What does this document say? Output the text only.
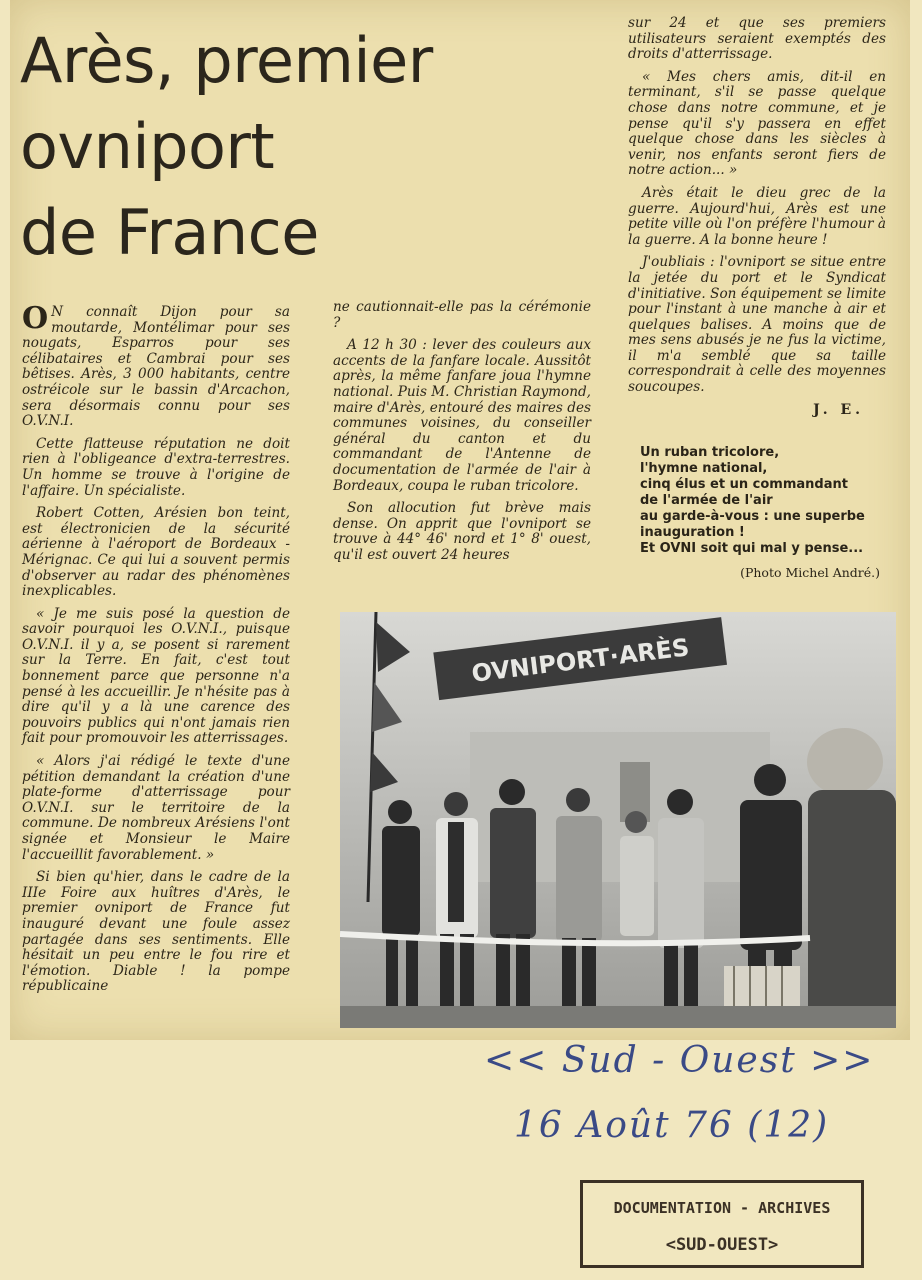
Arès, premier
ovniport
de France

O N connaît Dijon pour sa moutarde, Montélimar pour ses nougats, Esparros pour ses célibataires et Cambrai pour ses bêtises. Arès, 3 000 habitants, centre ostréicole sur le bassin d'Arcachon, sera désormais connu pour ses O.V.N.I.

Cette flatteuse réputation ne doit rien à l'obligeance d'extra-terrestres. Un homme se trouve à l'origine de l'affaire. Un spécialiste.

Robert Cotten, Arésien bon teint, est électronicien de la sécurité aérienne à l'aéroport de Bordeaux - Mérignac. Ce qui lui a souvent permis d'observer au radar des phénomènes inexplicables.

« Je me suis posé la question de savoir pourquoi les O.V.N.I., puisque O.V.N.I. il y a, se posent si rarement sur la Terre. En fait, c'est tout bonnement parce que personne n'a pensé à les accueillir. Je n'hésite pas à dire qu'il y a là une carence des pouvoirs publics qui n'ont jamais rien fait pour promouvoir les atterrissages.

« Alors j'ai rédigé le texte d'une pétition demandant la création d'une plate-forme d'atterrissage pour O.V.N.I. sur le territoire de la commune. De nombreux Arésiens l'ont signée et Monsieur le Maire l'accueillit favorablement. »

Si bien qu'hier, dans le cadre de la IIIe Foire aux huîtres d'Arès, le premier ovniport de France fut inauguré devant une foule assez partagée dans ses sentiments. Elle hésitait un peu entre le fou rire et l'émotion. Diable ! la pompe républicaine

ne cautionnait-elle pas la cérémonie ?

A 12 h 30 : lever des couleurs aux accents de la fanfare locale. Aussitôt après, la même fanfare joua l'hymne national. Puis M. Christian Raymond, maire d'Arès, entouré des maires des communes voisines, du conseiller général du canton et du commandant de l'Antenne de documentation de l'armée de l'air à Bordeaux, coupa le ruban tricolore.

Son allocution fut brève mais dense. On apprit que l'ovniport se trouve à 44° 46' nord et 1° 8' ouest, qu'il est ouvert 24 heures

sur 24 et que ses premiers utilisateurs seraient exemptés des droits d'atterrissage.

« Mes chers amis, dit-il en terminant, s'il se passe quelque chose dans notre commune, et je pense qu'il s'y passera en effet quelque chose dans les siècles à venir, nos enfants seront fiers de notre action... »

Arès était le dieu grec de la guerre. Aujourd'hui, Arès est une petite ville où l'on préfère l'humour à la guerre. A la bonne heure !

J'oubliais : l'ovniport se situe entre la jetée du port et le Syndicat d'initiative. Son équipement se limite pour l'instant à une manche à air et quelques balises. A moins que de mes sens abusés je ne fus la victime, il m'a semblé que sa taille correspondrait à celle des moyennes soucoupes.

J. E.
Un ruban tricolore,
l'hymne national,
cinq élus et un commandant
de l'armée de l'air
au garde-à-vous : une superbe
inauguration !
Et OVNI soit qui mal y pense...
(Photo Michel André.)
OVNIPORT·ARÈS
<< Sud - Ouest >>
16 Août 76 (12)
DOCUMENTATION - ARCHIVES
<SUD-OUEST>
